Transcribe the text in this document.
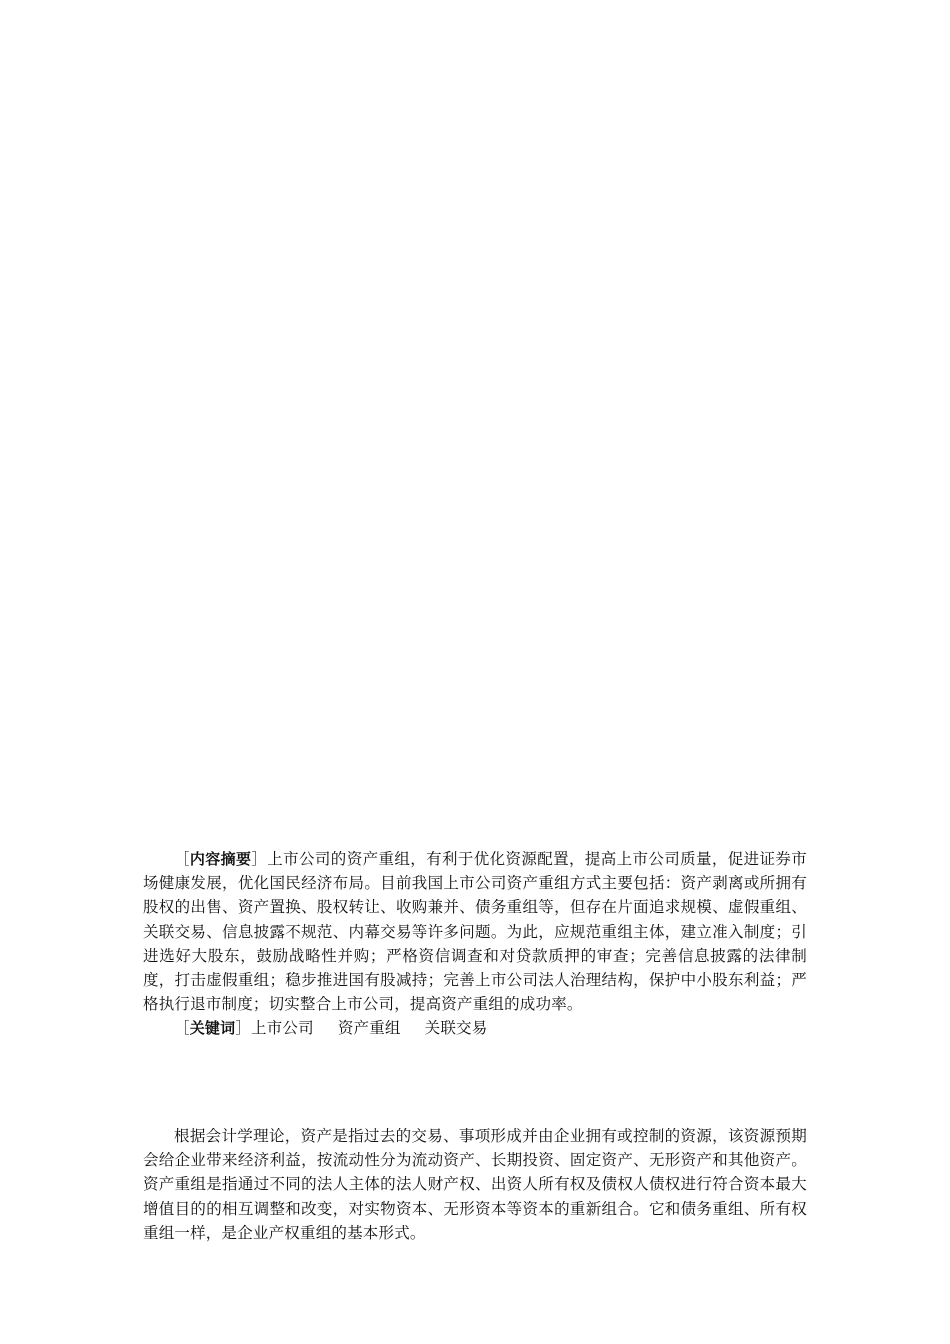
［内容摘要］上市公司的资产重组，有利于优化资源配置，提高上市公司质量，促进证券市场健康发展，优化国民经济布局。目前我国上市公司资产重组方式主要包括：资产剥离或所拥有股权的出售、资产置换、股权转让、收购兼并、债务重组等，但存在片面追求规模、虚假重组、关联交易、信息披露不规范、内幕交易等许多问题。为此，应规范重组主体，建立准入制度；引进选好大股东，鼓励战略性并购；严格资信调查和对贷款质押的审查；完善信息披露的法律制度，打击虚假重组；稳步推进国有股减持；完善上市公司法人治理结构，保护中小股东利益；严格执行退市制度；切实整合上市公司，提高资产重组的成功率。

［关键词］上市公司 资产重组 关联交易

根据会计学理论，资产是指过去的交易、事项形成并由企业拥有或控制的资源，该资源预期会给企业带来经济利益，按流动性分为流动资产、长期投资、固定资产、无形资产和其他资产。资产重组是指通过不同的法人主体的法人财产权、出资人所有权及债权人债权进行符合资本最大增值目的的相互调整和改变，对实物资本、无形资本等资本的重新组合。它和债务重组、所有权重组一样，是企业产权重组的基本形式。
